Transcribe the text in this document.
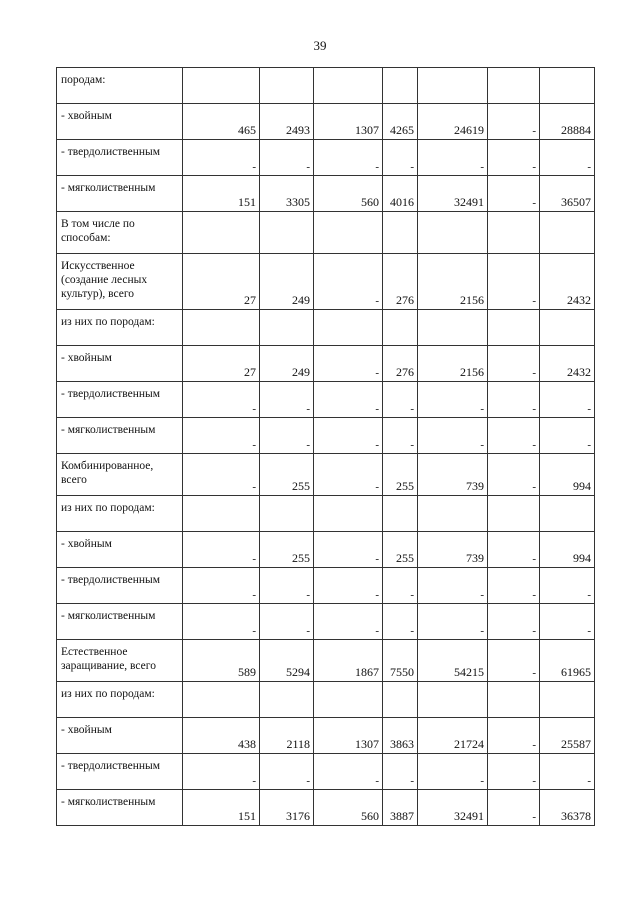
39
породам:							
- хвойным	465	2493	1307	4265	24619	-	28884
- твердолиственным	-	-	-	-	-	-	-
- мягколиственным	151	3305	560	4016	32491	-	36507
В том числе по способам:							
Искусственное (создание лесных культур), всего	27	249	-	276	2156	-	2432
из них по породам:							
- хвойным	27	249	-	276	2156	-	2432
- твердолиственным	-	-	-	-	-	-	-
- мягколиственным	-	-	-	-	-	-	-
Комбинированное, всего	-	255	-	255	739	-	994
из них по породам:							
- хвойным	-	255	-	255	739	-	994
- твердолиственным	-	-	-	-	-	-	-
- мягколиственным	-	-	-	-	-	-	-
Естественное заращивание, всего	589	5294	1867	7550	54215	-	61965
из них по породам:							
- хвойным	438	2118	1307	3863	21724	-	25587
- твердолиственным	-	-	-	-	-	-	-
- мягколиственным	151	3176	560	3887	32491	-	36378
